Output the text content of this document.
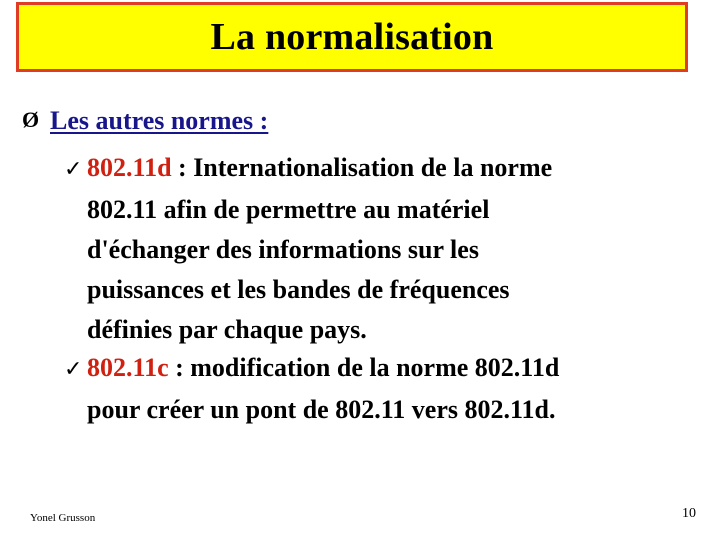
La normalisation
Ø Les autres normes :
✓ 802.11d : Internationalisation de la norme
802.11 afin de permettre au matériel
d'échanger des informations sur les
puissances et les bandes de fréquences
définies par chaque pays.
✓ 802.11c : modification de la norme 802.11d
pour créer un pont de 802.11 vers 802.11d.
Yonel Grusson	10
